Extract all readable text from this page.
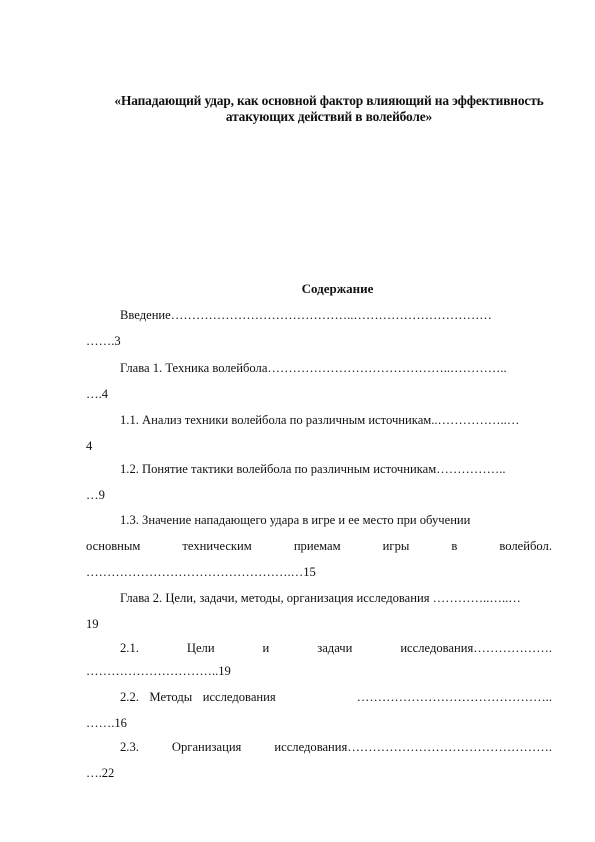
«Нападающий удар, как основной фактор влияющий на эффективность
атакующих действий в волейболе»
Содержание
Введение……………………………………..……………………………
…….3
Глава 1. Техника волейбола……………………………………..…………..
….4
1.1. Анализ техники волейбола по различным источникам..……………..…
4
1.2. Понятие тактики волейбола по различным источникам……………..
…9
1.3. Значение нападающего удара в игре и ее место при обучении
основным	техническим	приемам	игры	в	волейбол.
………………………………………….…15
Глава 2. Цели, задачи, методы, организация исследования …………..…..…
19
2.1.	Цели	и	задачи	исследования……………….
…………………………..19
2.2. Методы исследования	………………………………………..
…….16
2.3.	Организация	исследования………………………………………….
….22
